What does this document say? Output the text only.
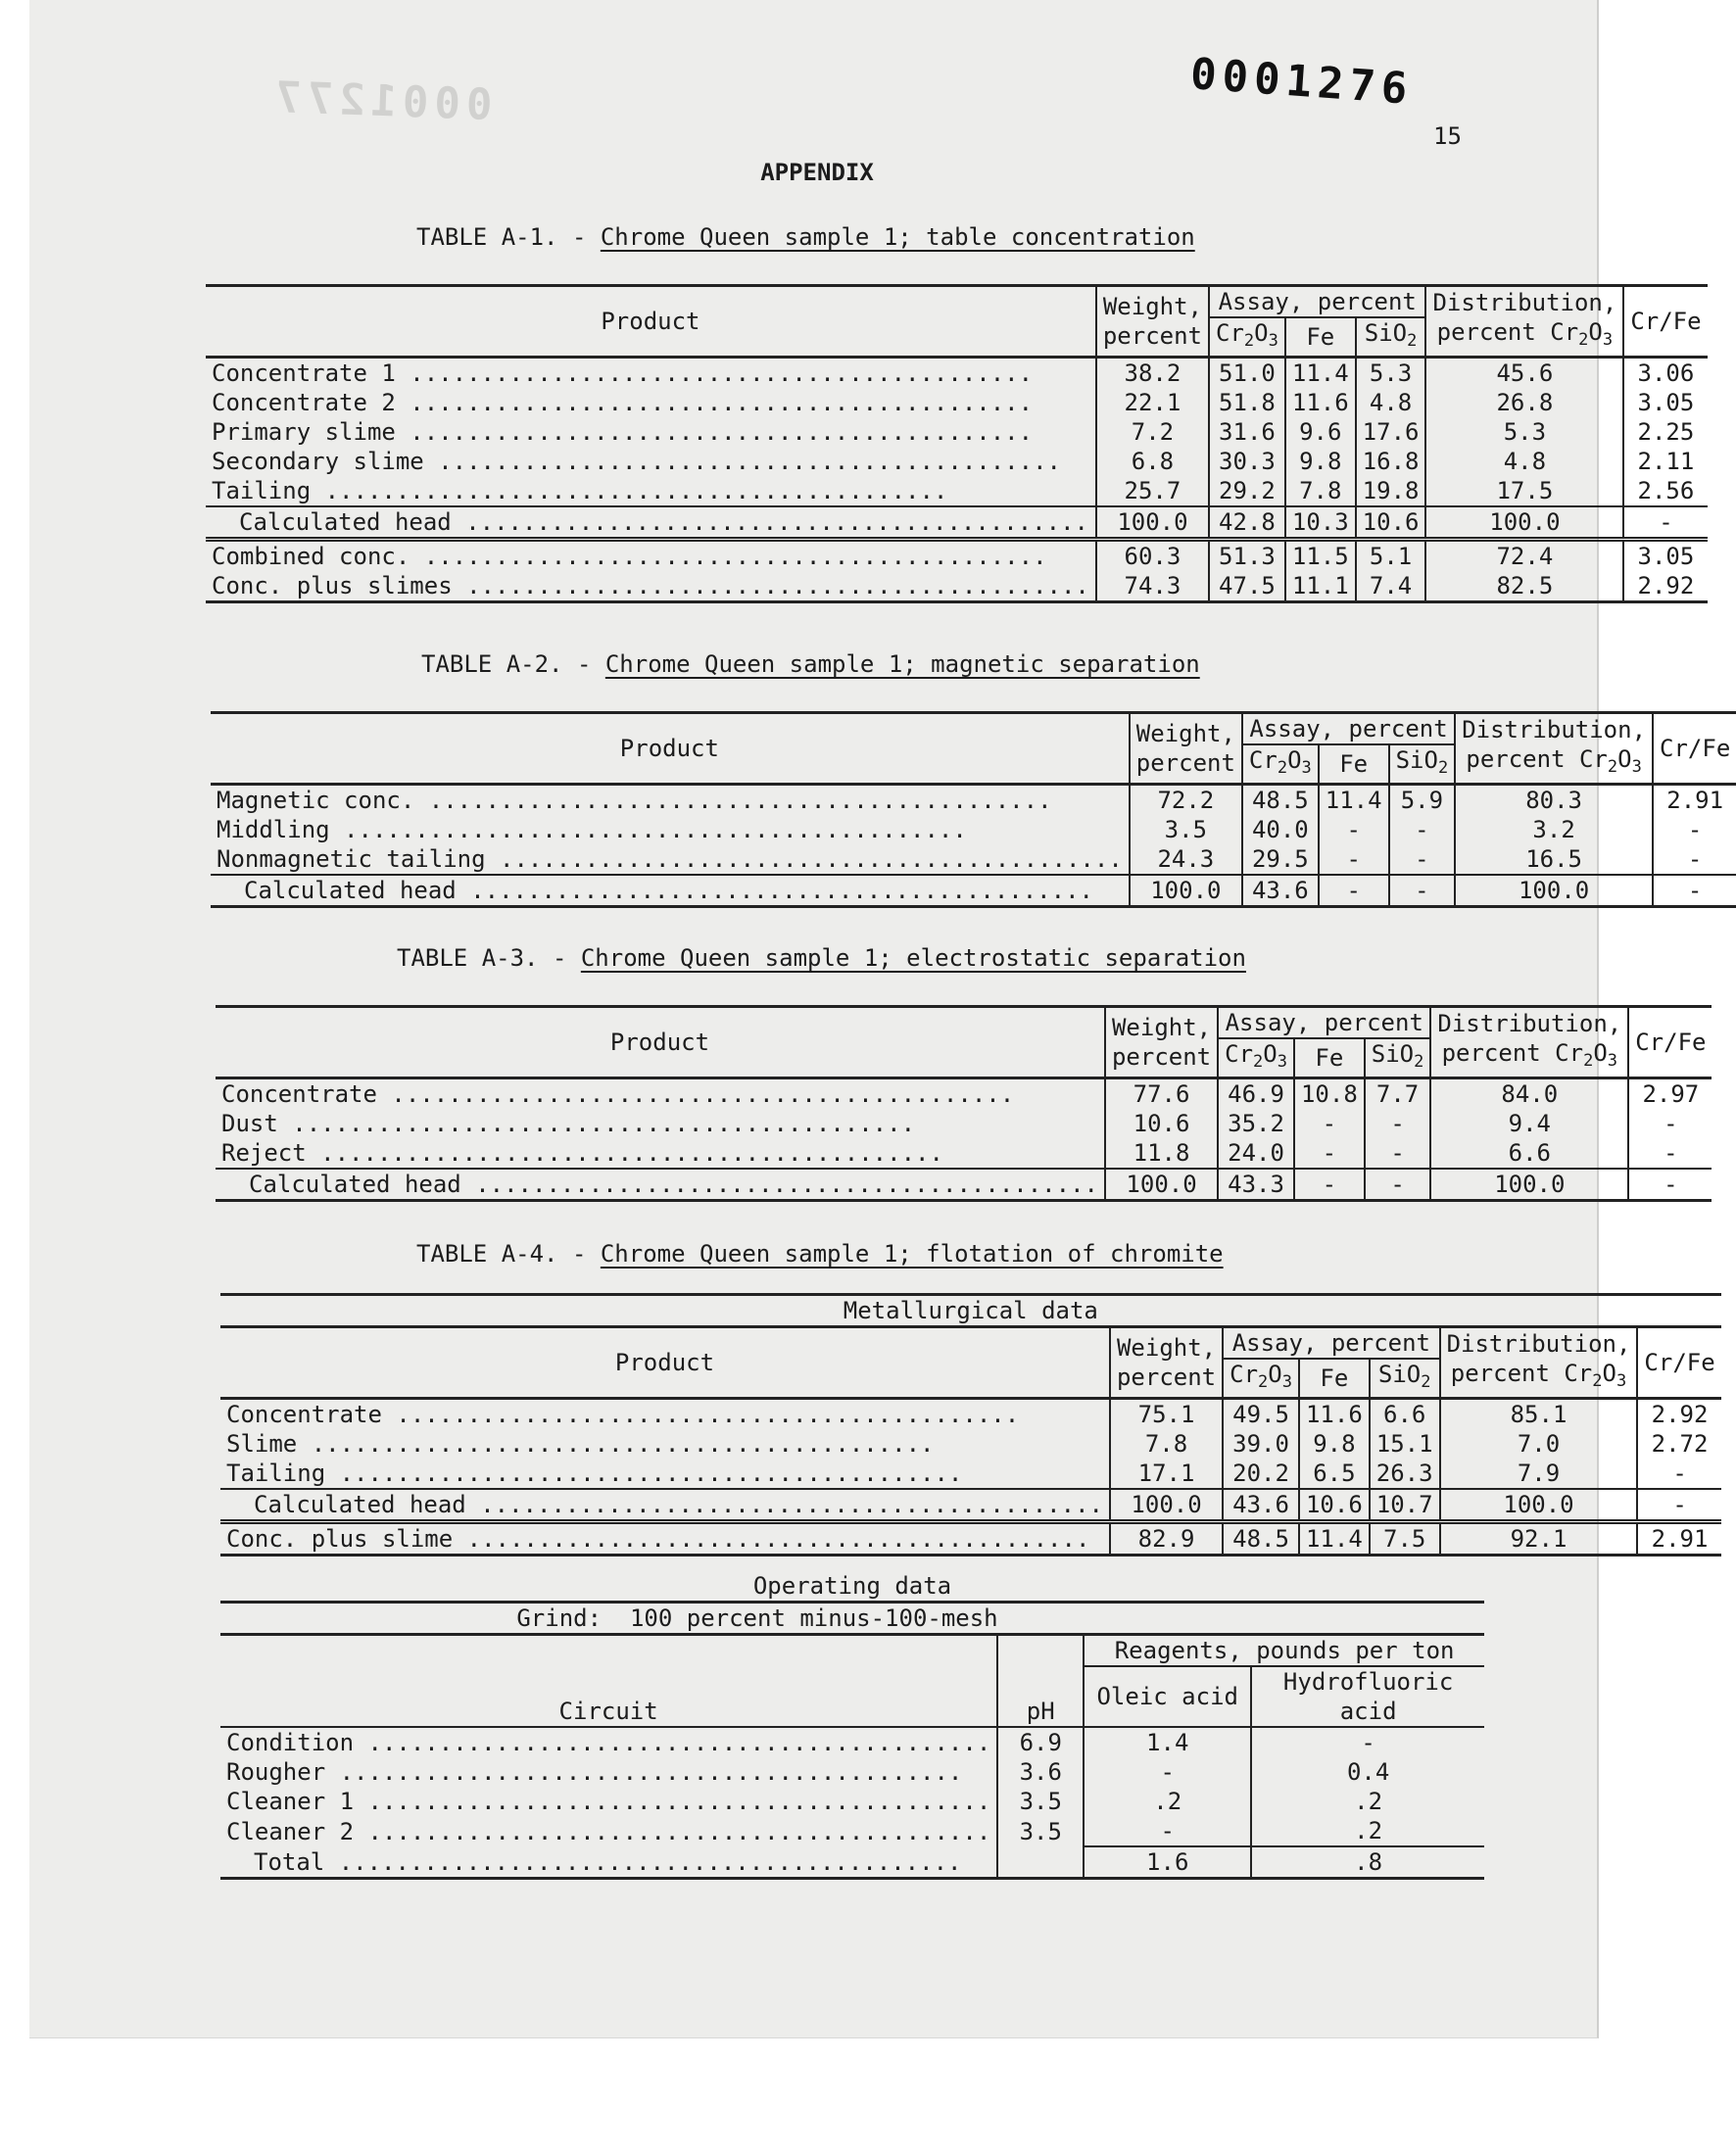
0001277	0001276
15
APPENDIX
TABLE A-1. - Chrome Queen sample 1; table concentration
Product	Weight,
percent	Assay, percent			Distribution,
percent $Cr_2O_3$	Cr/Fe
		$Cr_2O_3$	Fe	SiO$_2$
Concentrate 1 .....	38.2	51.0	11.4	5.3	45.6	3.06
Concentrate 2 .....	22.1	51.8	11.6	4.8	26.8	3.05
Primary slime .....	7.2	31.6	9.6	17.6	5.3	2.25
Secondary slime .....	6.8	30.3	9.8	16.8	4.8	2.11
Tailing .....	25.7	29.2	7.8	19.8	17.5	2.56
Calculated head .....	100.0	42.8	10.3	10.6	100.0	-
Combined conc. .....	60.3	51.3	11.5	5.1	72.4	3.05
Conc. plus slimes .....	74.3	47.5	11.1	7.4	82.5	2.92
TABLE A-2. - Chrome Queen sample 1; magnetic separation
Product	Weight,
percent	Assay, percent			Distribution,
percent $Cr_2O_3$	Cr/Fe
		$Cr_2O_3$	Fe	SiO$_2$
Magnetic conc. .....	72.2	48.5	11.4	5.9	80.3	2.91
Middling .....	3.5	40.0	-	-	3.2	-
Nonmagnetic tailing .....	24.3	29.5	-	-	16.5	-
Calculated head .....	100.0	43.6	-	-	100.0	-
TABLE A-3. - Chrome Queen sample 1; electrostatic separation
Product	Weight,
percent	Assay, percent			Distribution,
percent $Cr_2O_3$	Cr/Fe
		$Cr_2O_3$	Fe	SiO$_2$
Concentrate .....	77.6	46.9	10.8	7.7	84.0	2.97
Dust .....	10.6	35.2	-	-	9.4	-
Reject .....	11.8	24.0	-	-	6.6	-
Calculated head .....	100.0	43.3	-	-	100.0	-
TABLE A-4. - Chrome Queen sample 1; flotation of chromite
Metallurgical data						
Product	Weight,
percent	Assay, percent			Distribution,
percent $Cr_2O_3$	Cr/Fe
		$Cr_2O_3$	Fe	SiO$_2$
Concentrate .....	75.1	49.5	11.6	6.6	85.1	2.92
Slime .....	7.8	39.0	9.8	15.1	7.0	2.72
Tailing .....	17.1	20.2	6.5	26.3	7.9	-
Calculated head .....	100.0	43.6	10.6	10.7	100.0	-
Conc. plus slime .....	82.9	48.5	11.4	7.5	92.1	2.91
Operating data			
Grind: 100 percent minus-100-mesh			
Circuit	pH	Reagents, pounds per ton	
		Oleic acid	Hydrofluoric acid
Condition .....	6.9	1.4	-
Rougher .....	3.6	-	0.4
Cleaner 1 .....	3.5	.2	.2
Cleaner 2 .....	3.5	-	.2
Total .....		1.6	.8
